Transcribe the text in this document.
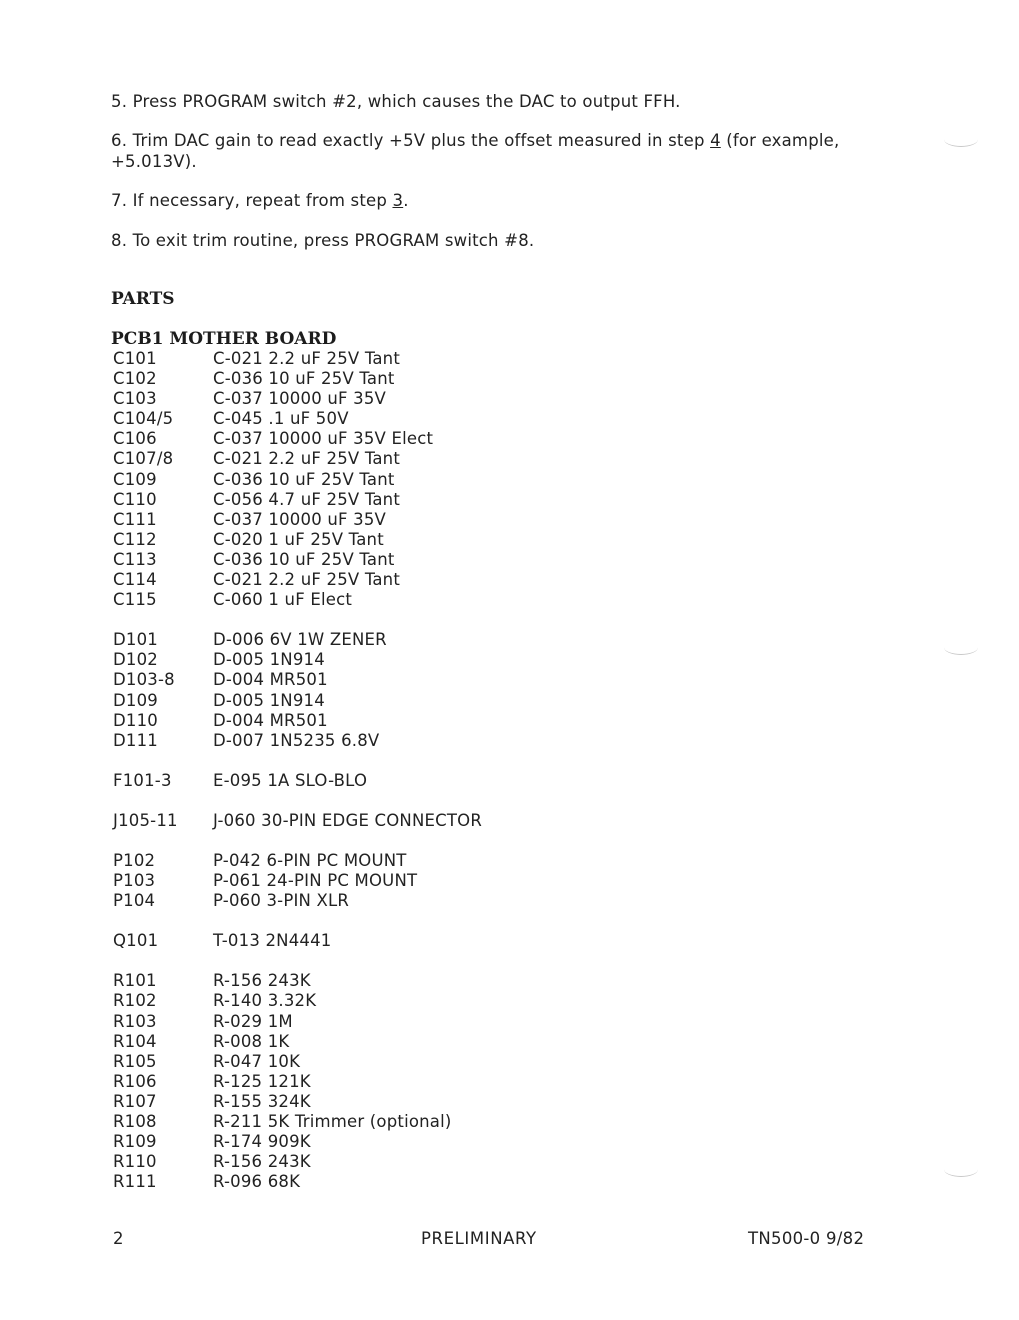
5. Press PROGRAM switch #2, which causes the DAC to output FFH.
6. Trim DAC gain to read exactly +5V plus the offset measured in step 4 (for example, +5.013V).
7. If necessary, repeat from step 3.
8. To exit trim routine, press PROGRAM switch #8.
PARTS
PCB1 MOTHER BOARD
C101	C-021 2.2 uF 25V Tant
C102	C-036 10 uF 25V Tant
C103	C-037 10000 uF 35V
C104/5 C-045 .1 uF 50V
C106	C-037 10000 uF 35V Elect
C107/8 C-021 2.2 uF 25V Tant
C109	C-036 10 uF 25V Tant
C110	C-056 4.7 uF 25V Tant
C111	C-037 10000 uF 35V
C112	C-020 1 uF 25V Tant
C113	C-036 10 uF 25V Tant
C114	C-021 2.2 uF 25V Tant
C115	C-060 1 uF Elect
D101	D-006 6V 1W ZENER
D102	D-005 1N914
D103-8 D-004 MR501
D109	D-005 1N914
D110	D-004 MR501
D111	D-007 1N5235 6.8V
F101-3	E-095 1A SLO-BLO
J105-11 J-060 30-PIN EDGE CONNECTOR
P102	P-042 6-PIN PC MOUNT
P103	P-061 24-PIN PC MOUNT
P104	P-060 3-PIN XLR
Q101	T-013 2N4441
R101	R-156 243K
R102	R-140 3.32K
R103	R-029 1M
R104	R-008 1K
R105	R-047 10K
R106	R-125 121K
R107	R-155 324K
R108	R-211 5K Trimmer (optional)
R109	R-174 909K
R110	R-156 243K
R111	R-096 68K
2	PRELIMINARY	TN500-0 9/82
